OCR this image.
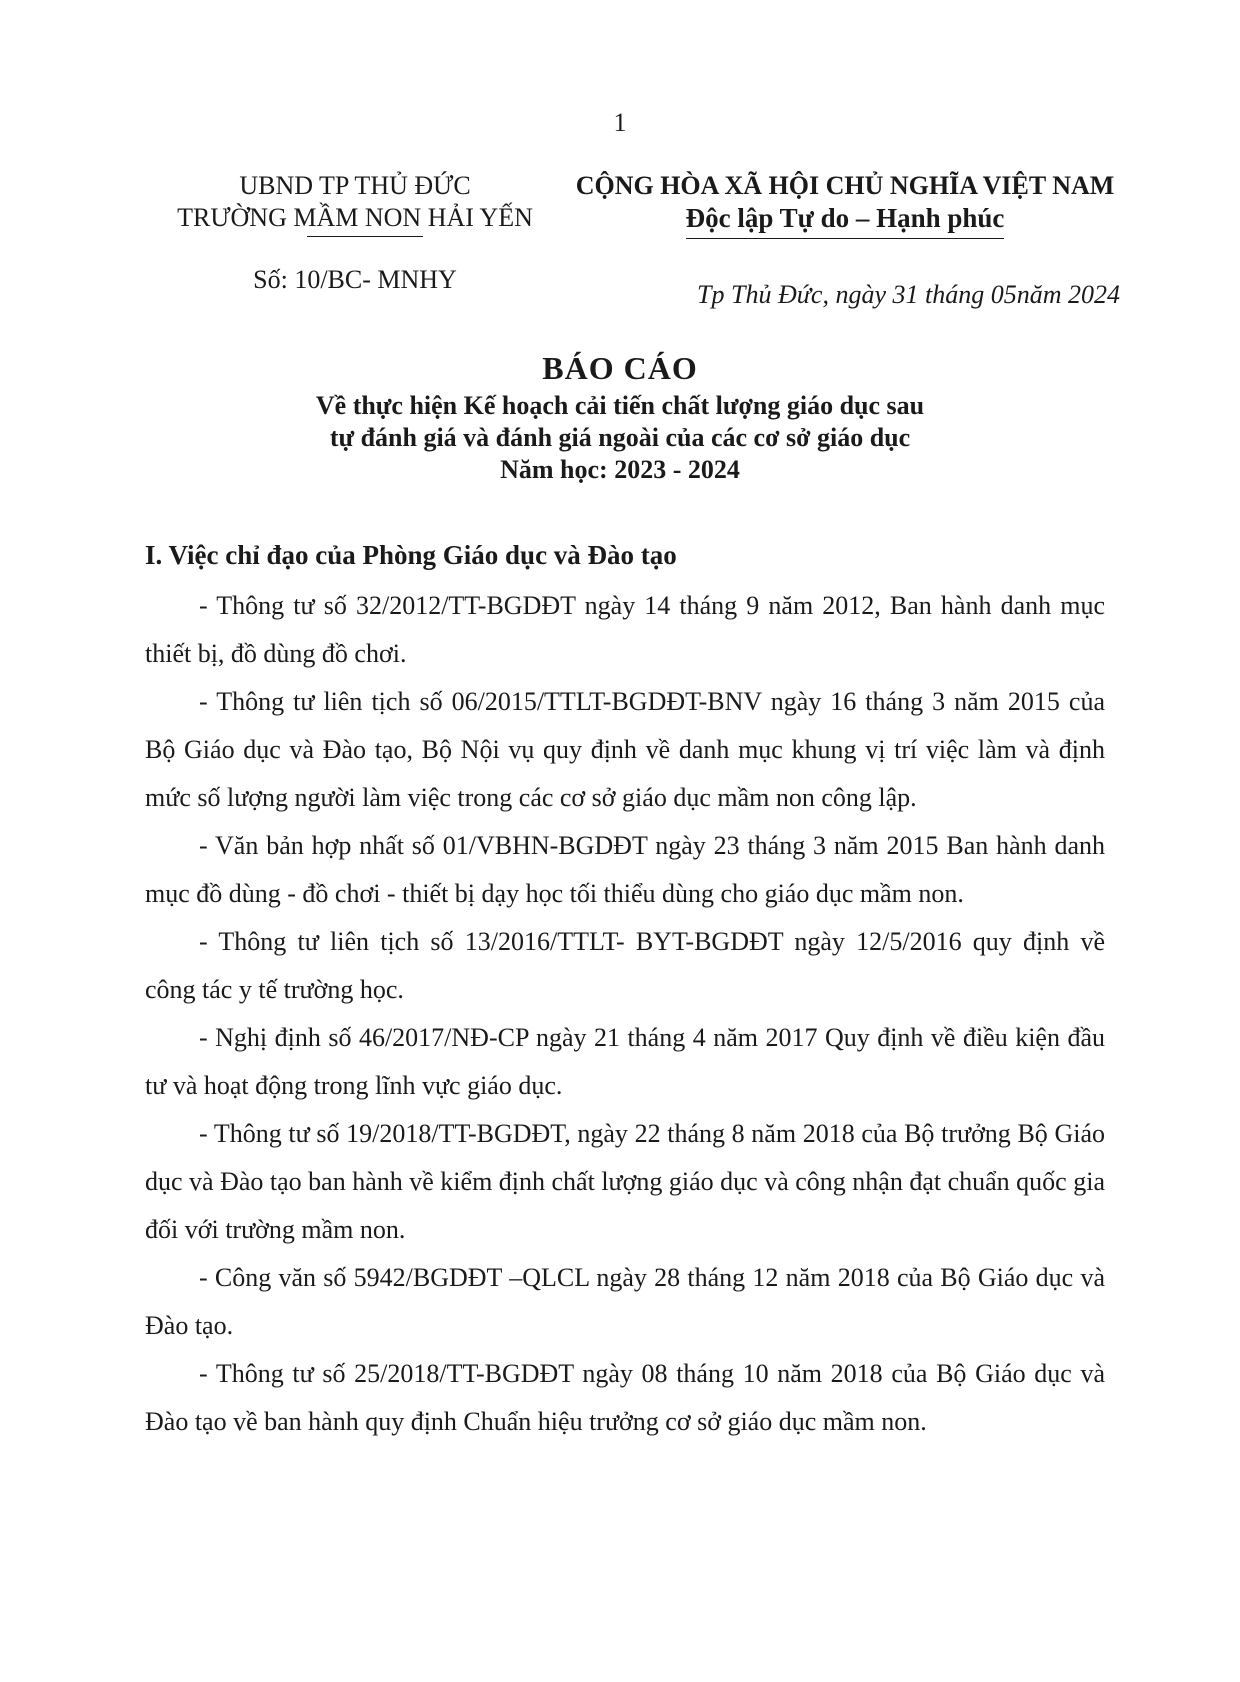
1
UBND TP THỦ ĐỨC
TRƯỜNG MẦM NON HẢI YẾN
Số: 10/BC- MNHY
CỘNG HÒA XÃ HỘI CHỦ NGHĨA VIỆT NAM
Độc lập Tự do – Hạnh phúc
Tp Thủ Đức, ngày 31 tháng 05năm 2024
BÁO CÁO
Về thực hiện Kế hoạch cải tiến chất lượng giáo dục sau
tự đánh giá và đánh giá ngoài của các cơ sở giáo dục
Năm học: 2023 - 2024
I. Việc chỉ đạo của Phòng Giáo dục và Đào tạo

- Thông tư số 32/2012/TT-BGDĐT ngày 14 tháng 9 năm 2012, Ban hành danh mục thiết bị, đồ dùng đồ chơi.

- Thông tư liên tịch số 06/2015/TTLT-BGDĐT-BNV ngày 16 tháng 3 năm 2015 của Bộ Giáo dục và Đào tạo, Bộ Nội vụ quy định về danh mục khung vị trí việc làm và định mức số lượng người làm việc trong các cơ sở giáo dục mầm non công lập.

- Văn bản hợp nhất số 01/VBHN-BGDĐT ngày 23 tháng 3 năm 2015 Ban hành danh mục đồ dùng - đồ chơi - thiết bị dạy học tối thiểu dùng cho giáo dục mầm non.

- Thông tư liên tịch số 13/2016/TTLT- BYT-BGDĐT ngày 12/5/2016 quy định về công tác y tế trường học.

- Nghị định số 46/2017/NĐ-CP ngày 21 tháng 4 năm 2017 Quy định về điều kiện đầu tư và hoạt động trong lĩnh vực giáo dục.

- Thông tư số 19/2018/TT-BGDĐT, ngày 22 tháng 8 năm 2018 của Bộ trưởng Bộ Giáo dục và Đào tạo ban hành về kiểm định chất lượng giáo dục và công nhận đạt chuẩn quốc gia đối với trường mầm non.

- Công văn số 5942/BGDĐT –QLCL ngày 28 tháng 12 năm 2018 của Bộ Giáo dục và Đào tạo.

- Thông tư số 25/2018/TT-BGDĐT ngày 08 tháng 10 năm 2018 của Bộ Giáo dục và Đào tạo về ban hành quy định Chuẩn hiệu trưởng cơ sở giáo dục mầm non.
